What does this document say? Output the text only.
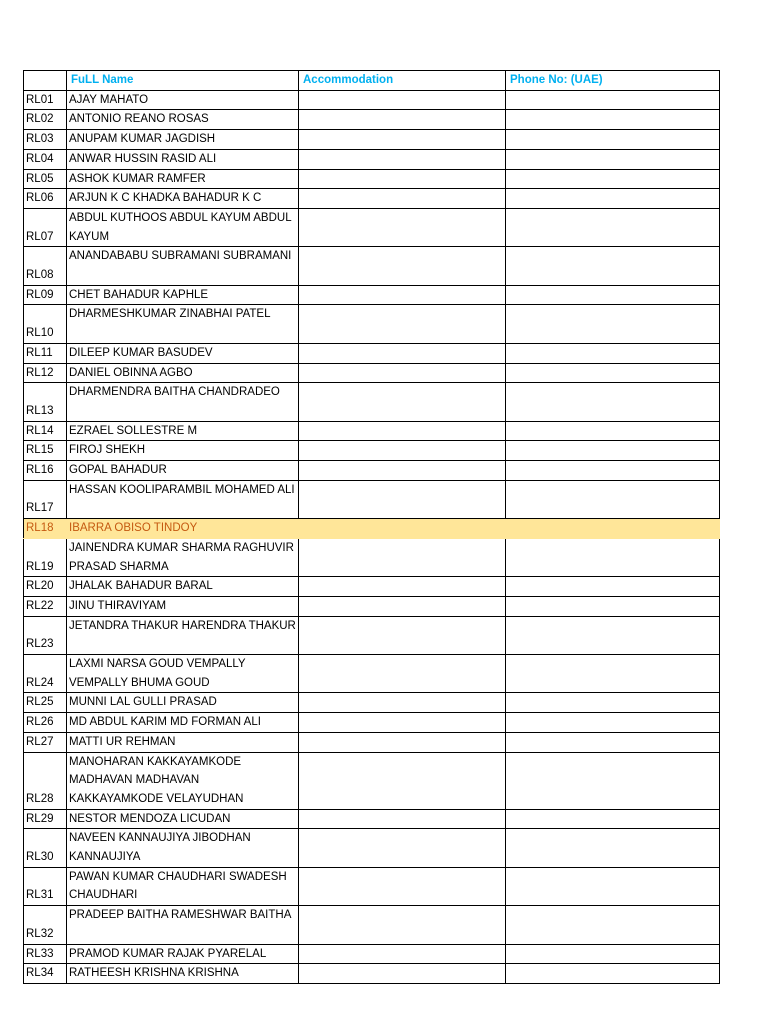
	FuLL Name	Accommodation	Phone No: (UAE)
RL01	AJAY MAHATO		
RL02	ANTONIO REANO ROSAS		
RL03	ANUPAM KUMAR JAGDISH		
RL04	ANWAR HUSSIN RASID ALI		
RL05	ASHOK KUMAR RAMFER		
RL06	ARJUN K C KHADKA BAHADUR K C		
RL07	ABDUL KUTHOOS ABDUL KAYUM ABDUL KAYUM		
RL08	ANANDABABU SUBRAMANI SUBRAMANI		
RL09	CHET BAHADUR KAPHLE		
RL10	DHARMESHKUMAR ZINABHAI PATEL		
RL11	DILEEP KUMAR BASUDEV		
RL12	DANIEL OBINNA AGBO		
RL13	DHARMENDRA BAITHA CHANDRADEO		
RL14	EZRAEL SOLLESTRE M		
RL15	FIROJ SHEKH		
RL16	GOPAL BAHADUR		
RL17	HASSAN KOOLIPARAMBIL MOHAMED ALI		
RL18	IBARRA OBISO TINDOY		
RL19	JAINENDRA KUMAR SHARMA RAGHUVIR PRASAD SHARMA		
RL20	JHALAK BAHADUR BARAL		
RL22	JINU THIRAVIYAM		
RL23	JETANDRA THAKUR HARENDRA THAKUR		
RL24	LAXMI NARSA GOUD VEMPALLY VEMPALLY BHUMA GOUD		
RL25	MUNNI LAL GULLI PRASAD		
RL26	MD ABDUL KARIM MD FORMAN ALI		
RL27	MATTI UR REHMAN		
RL28	MANOHARAN KAKKAYAMKODE MADHAVAN MADHAVAN KAKKAYAMKODE VELAYUDHAN		
RL29	NESTOR MENDOZA LICUDAN		
RL30	NAVEEN KANNAUJIYA JIBODHAN KANNAUJIYA		
RL31	PAWAN KUMAR CHAUDHARI SWADESH CHAUDHARI		
RL32	PRADEEP BAITHA RAMESHWAR BAITHA		
RL33	PRAMOD KUMAR RAJAK PYARELAL		
RL34	RATHEESH KRISHNA KRISHNA		
